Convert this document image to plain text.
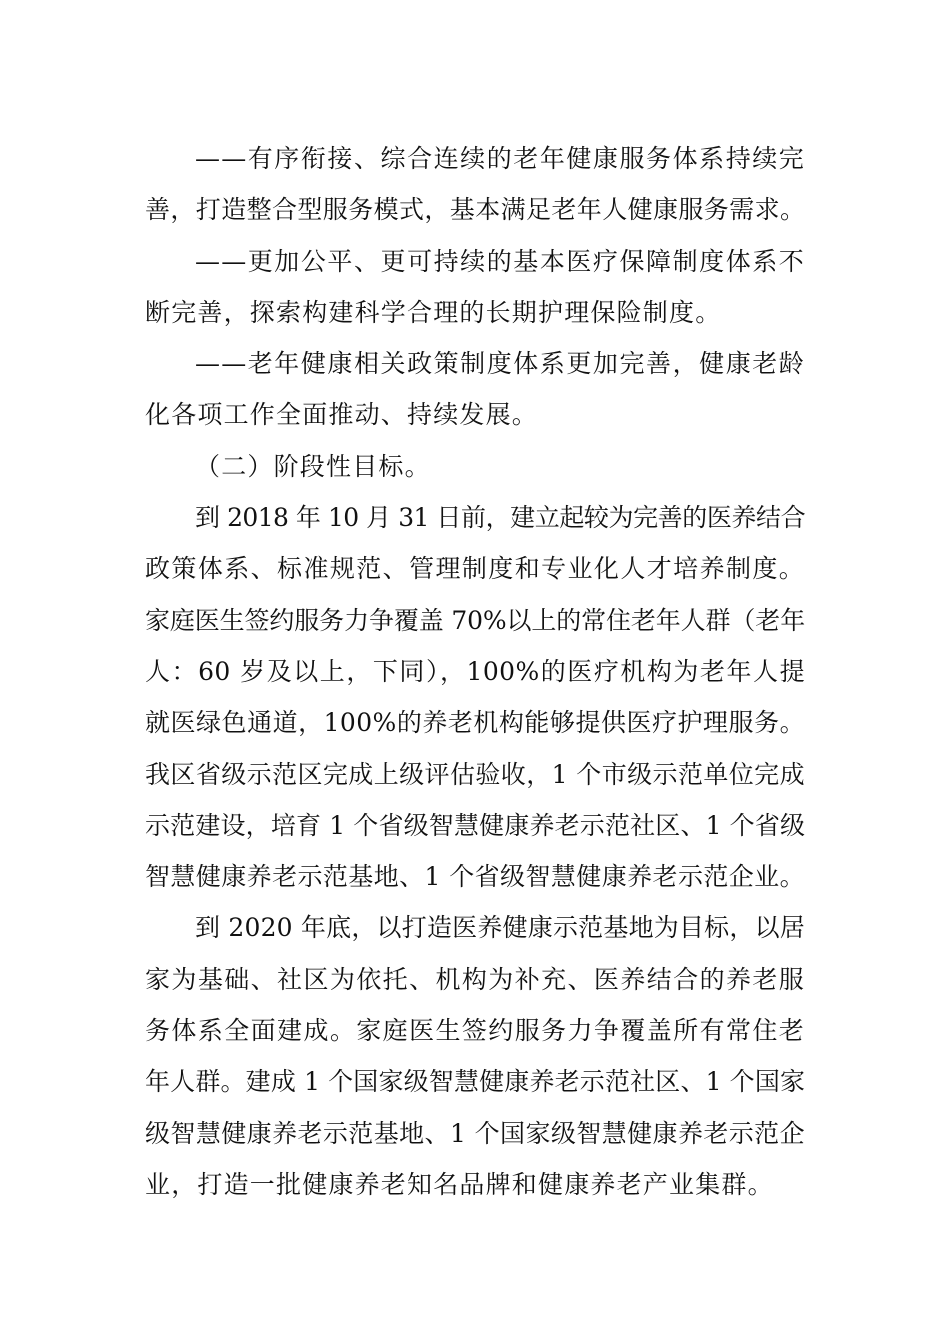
——有序衔接、综合连续的老年健康服务体系持续完
善，打造整合型服务模式，基本满足老年人健康服务需求。
——更加公平、更可持续的基本医疗保障制度体系不
断完善，探索构建科学合理的长期护理保险制度。
——老年健康相关政策制度体系更加完善，健康老龄
化各项工作全面推动、持续发展。
（二）阶段性目标。
到 2018 年 10 月 31 日前，建立起较为完善的医养结合
政策体系、标准规范、管理制度和专业化人才培养制度。
家庭医生签约服务力争覆盖 70%以上的常住老年人群（老年
人：60 岁及以上，下同），100%的医疗机构为老年人提
就医绿色通道，100%的养老机构能够提供医疗护理服务。
我区省级示范区完成上级评估验收，1 个市级示范单位完成
示范建设，培育 1 个省级智慧健康养老示范社区、1 个省级
智慧健康养老示范基地、1 个省级智慧健康养老示范企业。
到 2020 年底，以打造医养健康示范基地为目标，以居
家为基础、社区为依托、机构为补充、医养结合的养老服
务体系全面建成。家庭医生签约服务力争覆盖所有常住老
年人群。建成 1 个国家级智慧健康养老示范社区、1 个国家
级智慧健康养老示范基地、1 个国家级智慧健康养老示范企
业，打造一批健康养老知名品牌和健康养老产业集群。
